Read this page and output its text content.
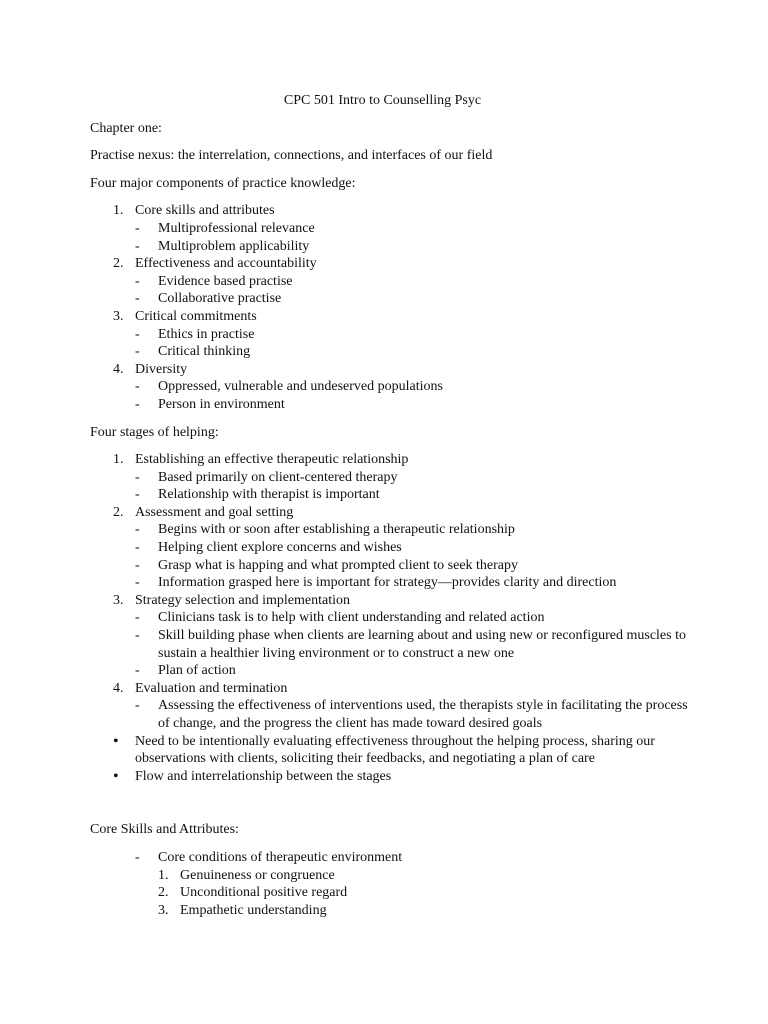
CPC 501 Intro to Counselling Psyc
Chapter one:
Practise nexus: the interrelation, connections, and interfaces of our field
Four major components of practice knowledge:
1. Core skills and attributes
- Multiprofessional relevance
- Multiproblem applicability
2. Effectiveness and accountability
- Evidence based practise
- Collaborative practise
3. Critical commitments
- Ethics in practise
- Critical thinking
4. Diversity
- Oppressed, vulnerable and undeserved populations
- Person in environment
Four stages of helping:
1. Establishing an effective therapeutic relationship
- Based primarily on client-centered therapy
- Relationship with therapist is important
2. Assessment and goal setting
- Begins with or soon after establishing a therapeutic relationship
- Helping client explore concerns and wishes
- Grasp what is happing and what prompted client to seek therapy
- Information grasped here is important for strategy—provides clarity and direction
3. Strategy selection and implementation
- Clinicians task is to help with client understanding and related action
- Skill building phase when clients are learning about and using new or reconfigured muscles to sustain a healthier living environment or to construct a new one
- Plan of action
4. Evaluation and termination
- Assessing the effectiveness of interventions used, the therapists style in facilitating the process of change, and the progress the client has made toward desired goals
•	Need to be intentionally evaluating effectiveness throughout the helping process, sharing our observations with clients, soliciting their feedbacks, and negotiating a plan of care
•	Flow and interrelationship between the stages
Core Skills and Attributes:
- Core conditions of therapeutic environment
1. Genuineness or congruence
2. Unconditional positive regard
3. Empathetic understanding
